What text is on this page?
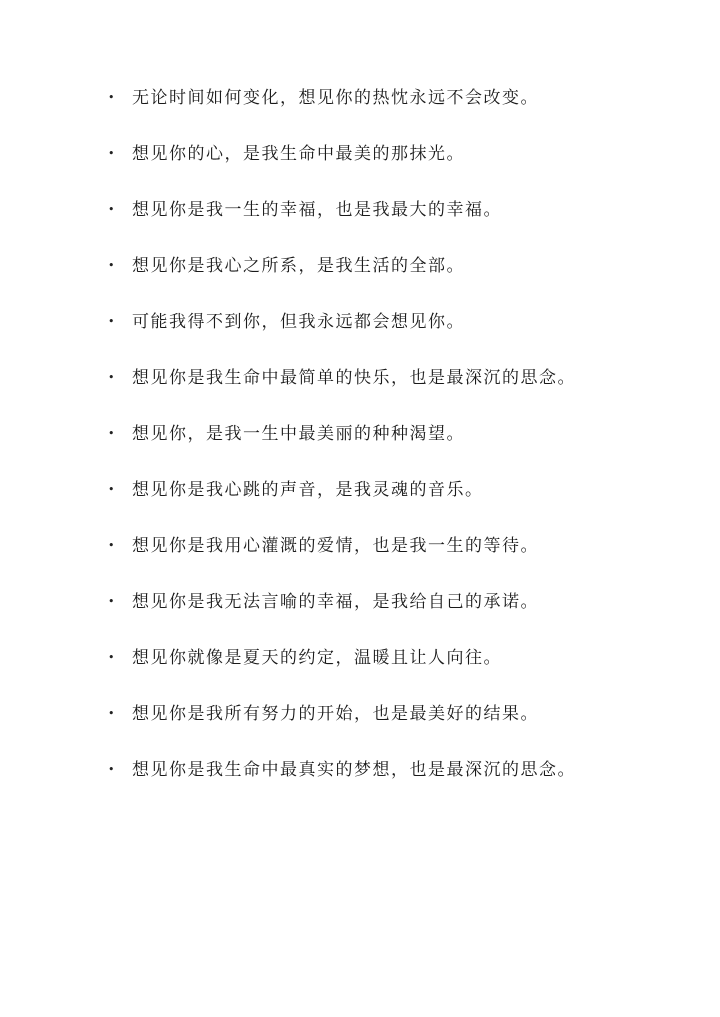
• 无论时间如何变化，想见你的热忱永远不会改变。
• 想见你的心，是我生命中最美的那抹光。
• 想见你是我一生的幸福，也是我最大的幸福。
• 想见你是我心之所系，是我生活的全部。
• 可能我得不到你，但我永远都会想见你。
• 想见你是我生命中最简单的快乐，也是最深沉的思念。
• 想见你，是我一生中最美丽的种种渴望。
• 想见你是我心跳的声音，是我灵魂的音乐。
• 想见你是我用心灌溉的爱情，也是我一生的等待。
• 想见你是我无法言喻的幸福，是我给自己的承诺。
• 想见你就像是夏天的约定，温暖且让人向往。
• 想见你是我所有努力的开始，也是最美好的结果。
• 想见你是我生命中最真实的梦想，也是最深沉的思念。
